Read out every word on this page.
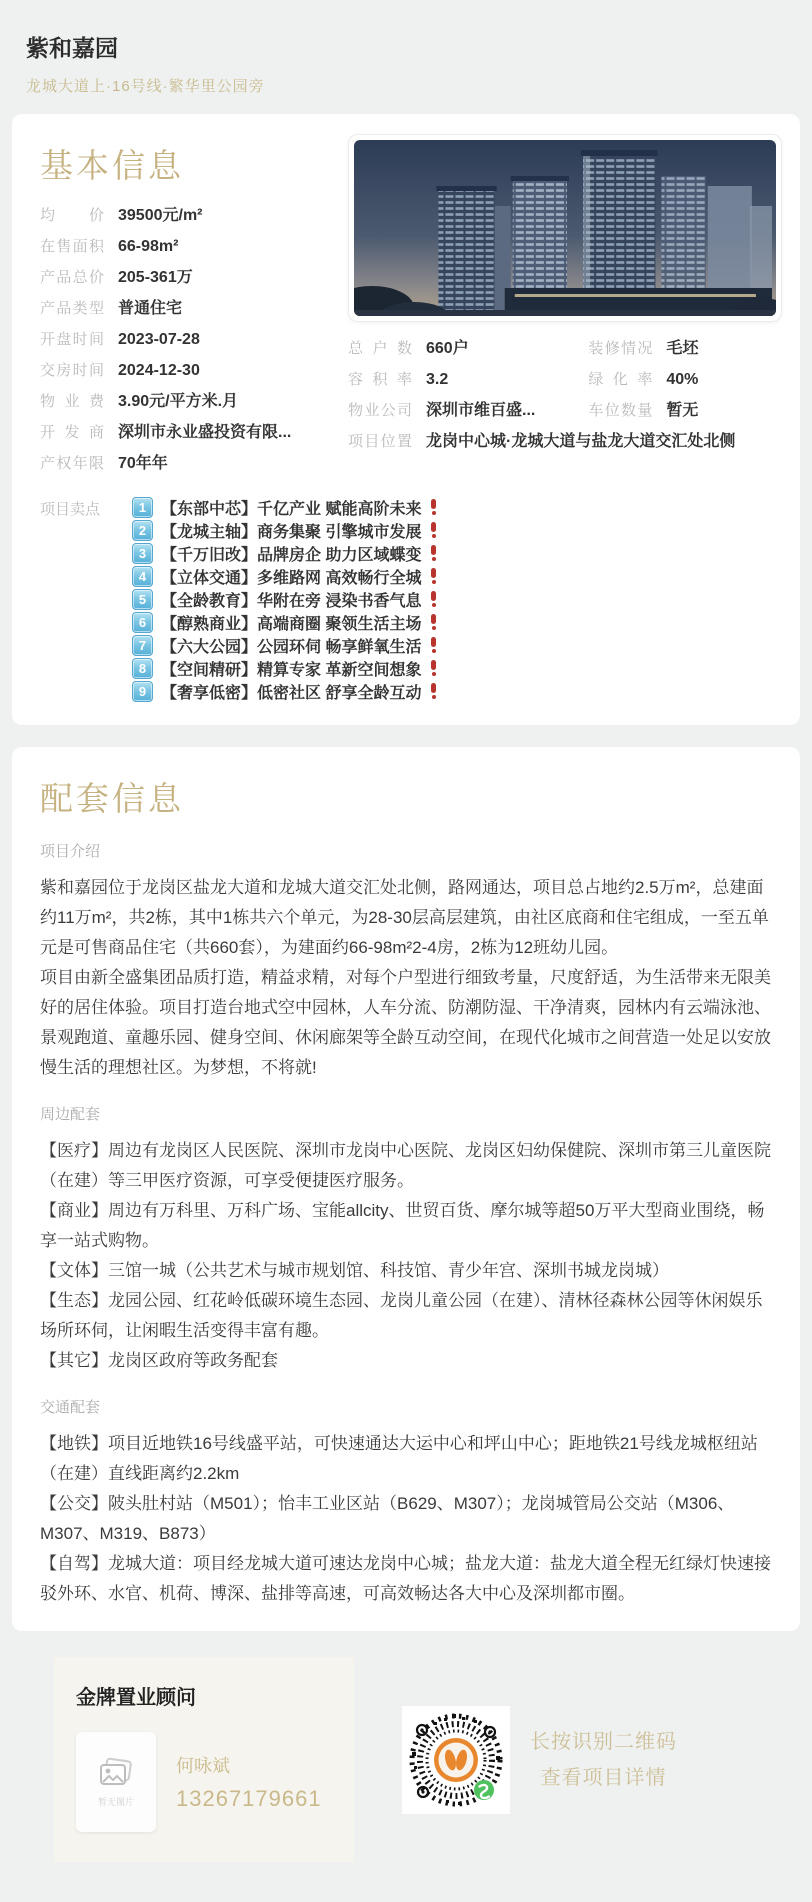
紫和嘉园
龙城大道上·16号线·繁华里公园旁
基本信息
均价 39500元/m²
在售面积 66-98m²
产品总价 205-361万
产品类型 普通住宅
开盘时间 2023-07-28
交房时间 2024-12-30
物业费 3.90元/平方米.月
开发商 深圳市永业盛投资有限...
产权年限 70年年
总户数 660户	装修情况 毛坯
容积率 3.2	绿化率 40%
物业公司 深圳市维百盛...	车位数量 暂无
项目位置 龙岗中心城·龙城大道与盐龙大道交汇处北侧
项目卖点	1 【东部中芯】千亿产业 赋能高阶未来
2 【龙城主轴】商务集聚 引擎城市发展
3 【千万旧改】品牌房企 助力区域蝶变
4 【立体交通】多维路网 高效畅行全城
5 【全龄教育】华附在旁 浸染书香气息
6 【醇熟商业】高端商圈 聚领生活主场
7 【六大公园】公园环伺 畅享鲜氧生活
8 【空间精研】精算专家 革新空间想象
9 【奢享低密】低密社区 舒享全龄互动
配套信息
项目介绍

紫和嘉园位于龙岗区盐龙大道和龙城大道交汇处北侧，路网通达，项目总占地约2.5万m²，总建面约11万m²，共2栋，其中1栋共六个单元，为28-30层高层建筑，由社区底商和住宅组成，一至五单元是可售商品住宅（共660套），为建面约66-98m²2-4房，2栋为12班幼儿园。

项目由新全盛集团品质打造，精益求精，对每个户型进行细致考量，尺度舒适，为生活带来无限美好的居住体验。项目打造台地式空中园林，人车分流、防潮防湿、干净清爽，园林内有云端泳池、景观跑道、童趣乐园、健身空间、休闲廊架等全龄互动空间，在现代化城市之间营造一处足以安放慢生活的理想社区。为梦想，不将就!

周边配套

【医疗】周边有龙岗区人民医院、深圳市龙岗中心医院、龙岗区妇幼保健院、深圳市第三儿童医院（在建）等三甲医疗资源，可享受便捷医疗服务。

【商业】周边有万科里、万科广场、宝能allcity、世贸百货、摩尔城等超50万平大型商业围绕，畅享一站式购物。

【文体】三馆一城（公共艺术与城市规划馆、科技馆、青少年宫、深圳书城龙岗城）

【生态】龙园公园、红花岭低碳环境生态园、龙岗儿童公园（在建）、清林径森林公园等休闲娱乐场所环伺，让闲暇生活变得丰富有趣。

【其它】龙岗区政府等政务配套

交通配套

【地铁】项目近地铁16号线盛平站，可快速通达大运中心和坪山中心；距地铁21号线龙城枢纽站（在建）直线距离约2.2km

【公交】陂头肚村站（M501）；怡丰工业区站（B629、M307）；龙岗城管局公交站（M306、M307、M319、B873）

【自驾】龙城大道：项目经龙城大道可速达龙岗中心城；盐龙大道：盐龙大道全程无红绿灯快速接驳外环、水官、机荷、博深、盐排等高速，可高效畅达各大中心及深圳都市圈。

金牌置业顾问
暂无图片
何咏斌
13267179661
长按识别二维码
查看项目详情
